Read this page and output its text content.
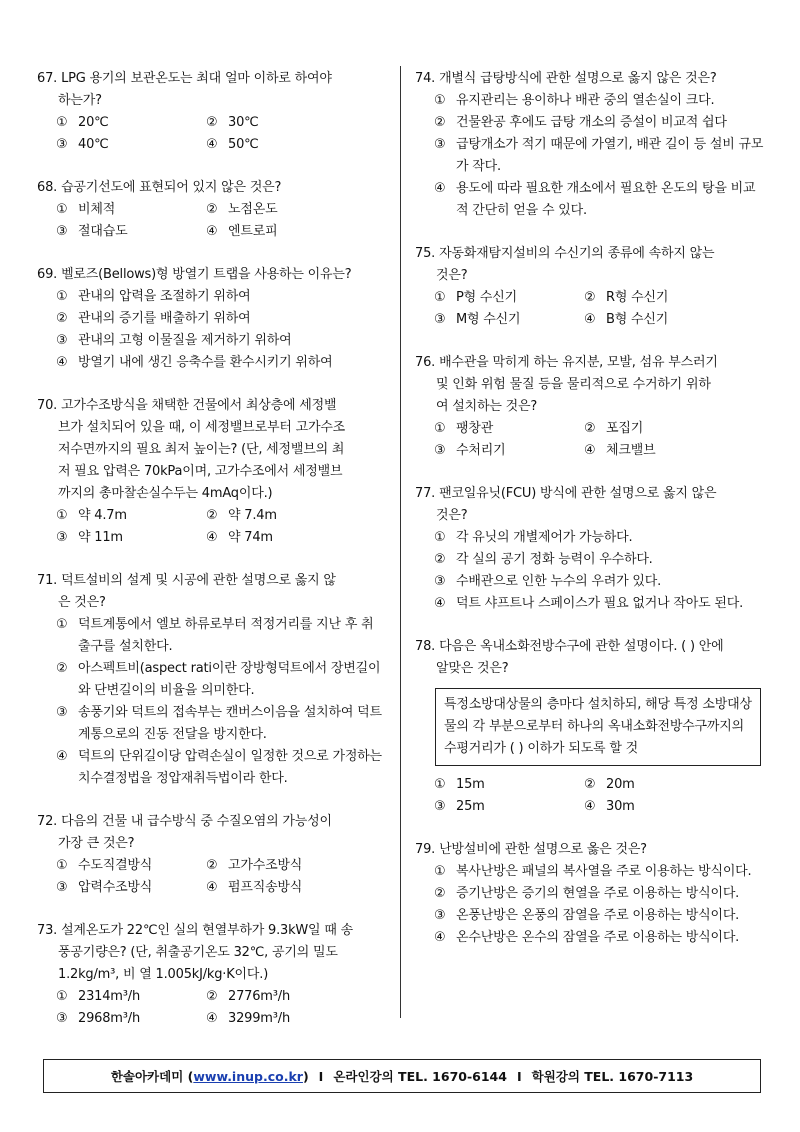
67. LPG 용기의 보관온도는 최대 얼마 이하로 하여야
하는가?
① 20℃	② 30℃
③ 40℃	④ 50℃
68. 습공기선도에 표현되어 있지 않은 것은?
① 비체적	② 노점온도
③ 절대습도	④ 엔트로피
69. 벨로즈(Bellows)형 방열기 트랩을 사용하는 이유는?
① 관내의 압력을 조절하기 위하여
② 관내의 증기를 배출하기 위하여
③ 관내의 고형 이물질을 제거하기 위하여
④ 방열기 내에 생긴 응축수를 환수시키기 위하여
70. 고가수조방식을 채택한 건물에서 최상층에 세정밸
브가 설치되어 있을 때, 이 세정밸브로부터 고가수조
저수면까지의 필요 최저 높이는? (단, 세정밸브의 최
저 필요 압력은 70kPa이며, 고가수조에서 세정밸브
까지의 총마찰손실수두는 4mAq이다.)
① 약 4.7m	② 약 7.4m
③ 약 11m	④ 약 74m
71. 덕트설비의 설계 및 시공에 관한 설명으로 옳지 않
은 것은?
① 덕트계통에서 엘보 하류로부터 적정거리를 지난 후 취출구를 설치한다.
② 아스펙트비(aspect rati이란 장방형덕트에서 장변길이와 단변길이의 비율을 의미한다.
③ 송풍기와 덕트의 접속부는 캔버스이음을 설치하여 덕트계통으로의 진동 전달을 방지한다.
④ 덕트의 단위길이당 압력손실이 일정한 것으로 가정하는 치수결정법을 정압재취득법이라 한다.
72. 다음의 건물 내 급수방식 중 수질오염의 가능성이
가장 큰 것은?
① 수도직결방식	② 고가수조방식
③ 압력수조방식	④ 펌프직송방식
73. 설계온도가 22℃인 실의 현열부하가 9.3kW일 때 송
풍공기량은? (단, 취출공기온도 32℃, 공기의 밀도
1.2kg/m³, 비 열 1.005kJ/kg·K이다.)
① 2314m³/h	② 2776m³/h
③ 2968m³/h	④ 3299m³/h
74. 개별식 급탕방식에 관한 설명으로 옳지 않은 것은?
① 유지관리는 용이하나 배관 중의 열손실이 크다.
② 건물완공 후에도 급탕 개소의 증설이 비교적 쉽다
③ 급탕개소가 적기 때문에 가열기, 배관 길이 등 설비 규모가 작다.
④ 용도에 따라 필요한 개소에서 필요한 온도의 탕을 비교적 간단히 얻을 수 있다.
75. 자동화재탐지설비의 수신기의 종류에 속하지 않는
것은?
① P형 수신기	② R형 수신기
③ M형 수신기	④ B형 수신기
76. 배수관을 막히게 하는 유지분, 모발, 섬유 부스러기
및 인화 위험 물질 등을 물리적으로 수거하기 위하
여 설치하는 것은?
① 팽창관	② 포집기
③ 수처리기	④ 체크밸브
77. 팬코일유닛(FCU) 방식에 관한 설명으로 옳지 않은
것은?
① 각 유닛의 개별제어가 가능하다.
② 각 실의 공기 정화 능력이 우수하다.
③ 수배관으로 인한 누수의 우려가 있다.
④ 덕트 샤프트나 스페이스가 필요 없거나 작아도 된다.
78. 다음은 옥내소화전방수구에 관한 설명이다. ( ) 안에
알맞은 것은?
특정소방대상물의 층마다 설치하되, 해당 특정 소방대상물의 각 부분으로부터 하나의 옥내소화전방수구까지의 수평거리가 ( ) 이하가 되도록 할 것
① 15m	② 20m
③ 25m	④ 30m
79. 난방설비에 관한 설명으로 옳은 것은?
① 복사난방은 패널의 복사열을 주로 이용하는 방식이다.
② 증기난방은 증기의 현열을 주로 이용하는 방식이다.
③ 온풍난방은 온풍의 잠열을 주로 이용하는 방식이다.
④ 온수난방은 온수의 잠열을 주로 이용하는 방식이다.
한솔아카데미 ( www.inup.co.kr ) I 온라인강의 TEL. 1670-6144 I 학원강의 TEL. 1670-7113
